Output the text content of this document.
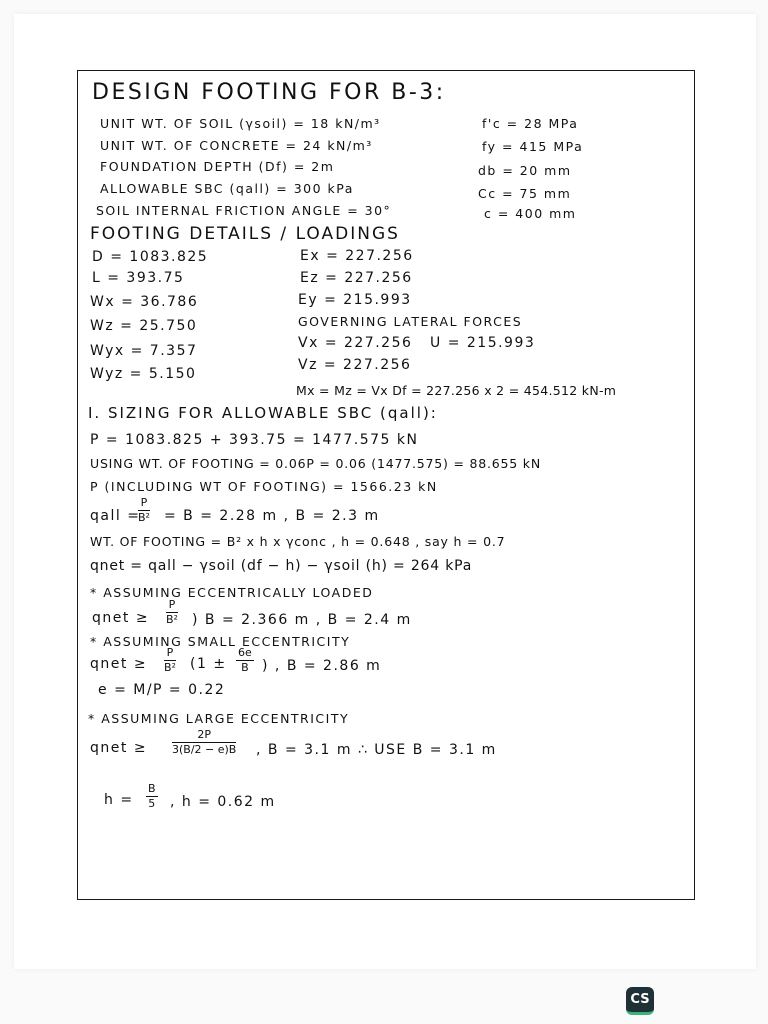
DESIGN FOOTING FOR B-3:
UNIT WT. OF SOIL (γsoil) = 18 kN/m³
UNIT WT. OF CONCRETE = 24 kN/m³
FOUNDATION DEPTH (Df) = 2m
ALLOWABLE SBC (qall) = 300 kPa
SOIL INTERNAL FRICTION ANGLE = 30°
f'c = 28 MPa
fy = 415 MPa
db = 20 mm
Cc = 75 mm
c = 400 mm
FOOTING DETAILS / LOADINGS
D = 1083.825
L = 393.75
Wx = 36.786
Wz = 25.750
Wyx = 7.357
Wyz = 5.150
Ex = 227.256
Ez = 227.256
Ey = 215.993
GOVERNING LATERAL FORCES
Vx = 227.256 U = 215.993
Vz = 227.256
Mx = Mz = Vx Df = 227.256 x 2 = 454.512 kN-m
I. SIZING FOR ALLOWABLE SBC (qall):
P = 1083.825 + 393.75 = 1477.575 kN
USING WT. OF FOOTING = 0.06P = 0.06 (1477.575) = 88.655 kN
P (INCLUDING WT OF FOOTING) = 1566.23 kN
qall =
$\frac{P}{\text{B²}} = B = 2.28$ m , B = 2.3 m
WT. OF FOOTING = B² x h x γconc , h = 0.648 , say h = 0.7
qnet = qall − γsoil (df − h) − γsoil (h) = 264 kPa
* ASSUMING ECCENTRICALLY LOADED
qnet ≥ $\frac{P}{\text{B²}}$ ) B = 2.366 m , B = 2.4 m
* ASSUMING SMALL ECCENTRICITY
qnet ≥ $\frac{P}{\text{B²}} (1 \pm \frac{6e}{B}$ ) , B = 2.86 m
e = M/P = 0.22
* ASSUMING LARGE ECCENTRICITY
qnet ≥ $\frac{2P}{3(B/2 - e)B}$ , B = 3.1 m ∴ USE B = 3.1 m
$h = \frac{B}{5}$ , h = 0.62 m
CS
